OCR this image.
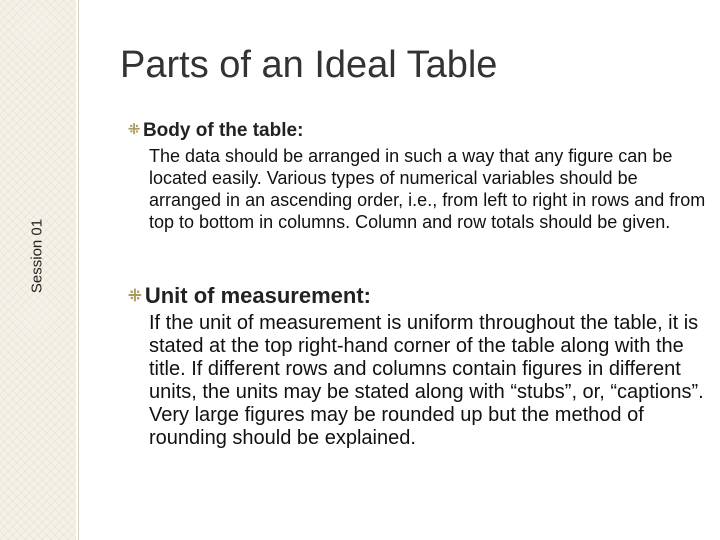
Session 01
Parts of an Ideal Table
⁜ Body of the table:

The data should be arranged in such a way that any figure can be located easily. Various types of numerical variables should be arranged in an ascending order, i.e., from left to right in rows and from top to bottom in columns. Column and row totals should be given.

⁜ Unit of measurement:

If the unit of measurement is uniform throughout the table, it is stated at the top right-hand corner of the table along with the title. If different rows and columns contain figures in different units, the units may be stated along with “stubs”, or, “captions”. Very large figures may be rounded up but the method of rounding should be explained.
